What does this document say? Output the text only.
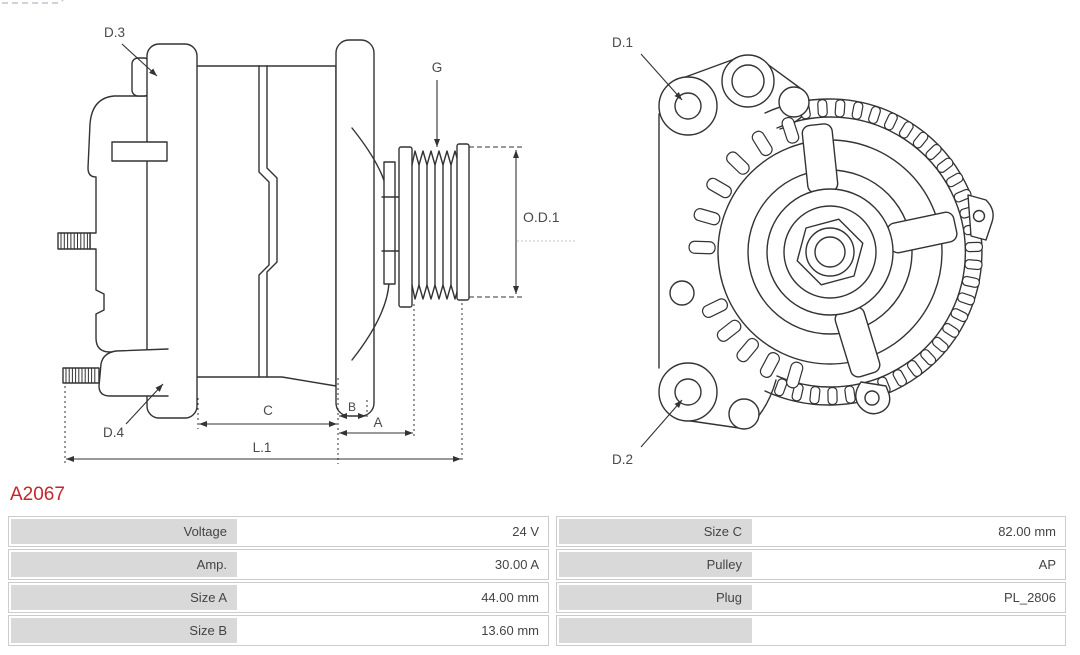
D.3
D.4
G
O.D.1
C	B
A
L.1
D.1
D.2
A2067
Voltage	24 V
Amp.	30.00 A
Size A	44.00 mm
Size B	13.60 mm
Size C	82.00 mm
Pulley	AP
Plug	PL_2806
